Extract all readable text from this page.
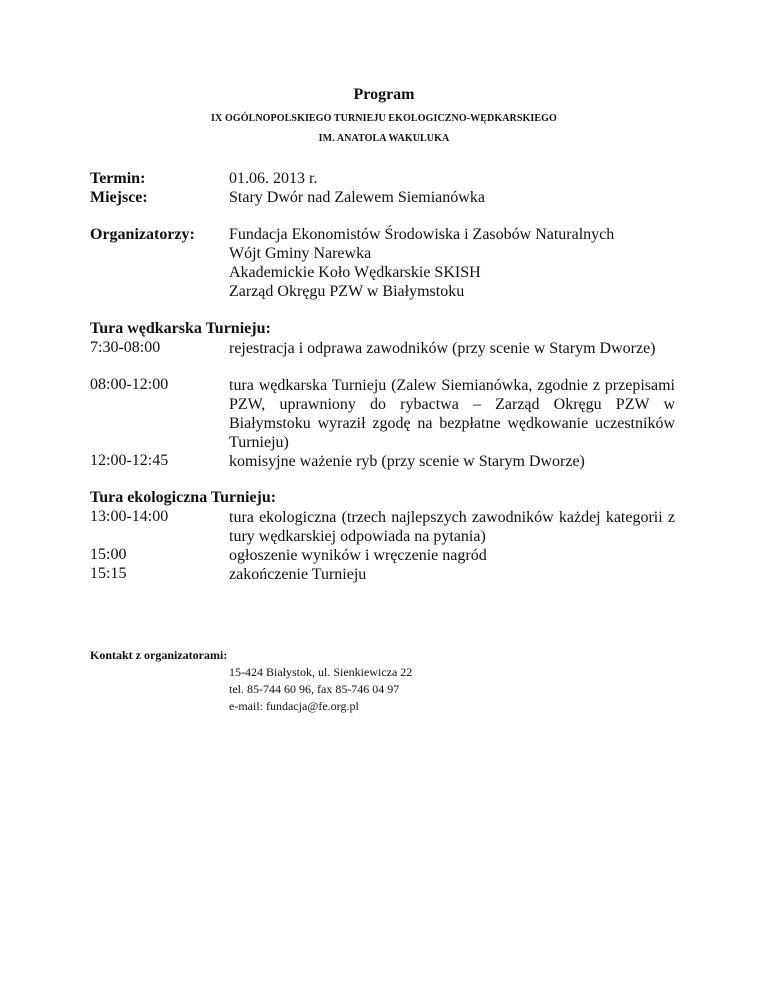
Program
IX OGÓLNOPOLSKIEGO TURNIEJU EKOLOGICZNO-WĘDKARSKIEGO
IM. ANATOLA WAKULUKA
Termin:	01.06. 2013 r.
Miejsce:	Stary Dwór nad Zalewem Siemianówka
Organizatorzy: Fundacja Ekonomistów Środowiska i Zasobów Naturalnych
Wójt Gminy Narewka
Akademickie Koło Wędkarskie SKISH
Zarząd Okręgu PZW w Białymstoku
Tura wędkarska Turnieju:
7:30-08:00	rejestracja i odprawa zawodników (przy scenie w Starym Dworze)
08:00-12:00	tura wędkarska Turnieju (Zalew Siemianówka, zgodnie z przepisami PZW, uprawniony do rybactwa – Zarząd Okręgu PZW w Białymstoku wyraził zgodę na bezpłatne wędkowanie uczestników Turnieju)
12:00-12:45	komisyjne ważenie ryb (przy scenie w Starym Dworze)
Tura ekologiczna Turnieju:
13:00-14:00	tura ekologiczna (trzech najlepszych zawodników każdej kategorii z tury wędkarskiej odpowiada na pytania)
15:00	ogłoszenie wyników i wręczenie nagród
15:15	zakończenie Turnieju
Kontakt z organizatorami:
15-424 Białystok, ul. Sienkiewicza 22
tel. 85-744 60 96, fax 85-746 04 97
e-mail: fundacja@fe.org.pl
